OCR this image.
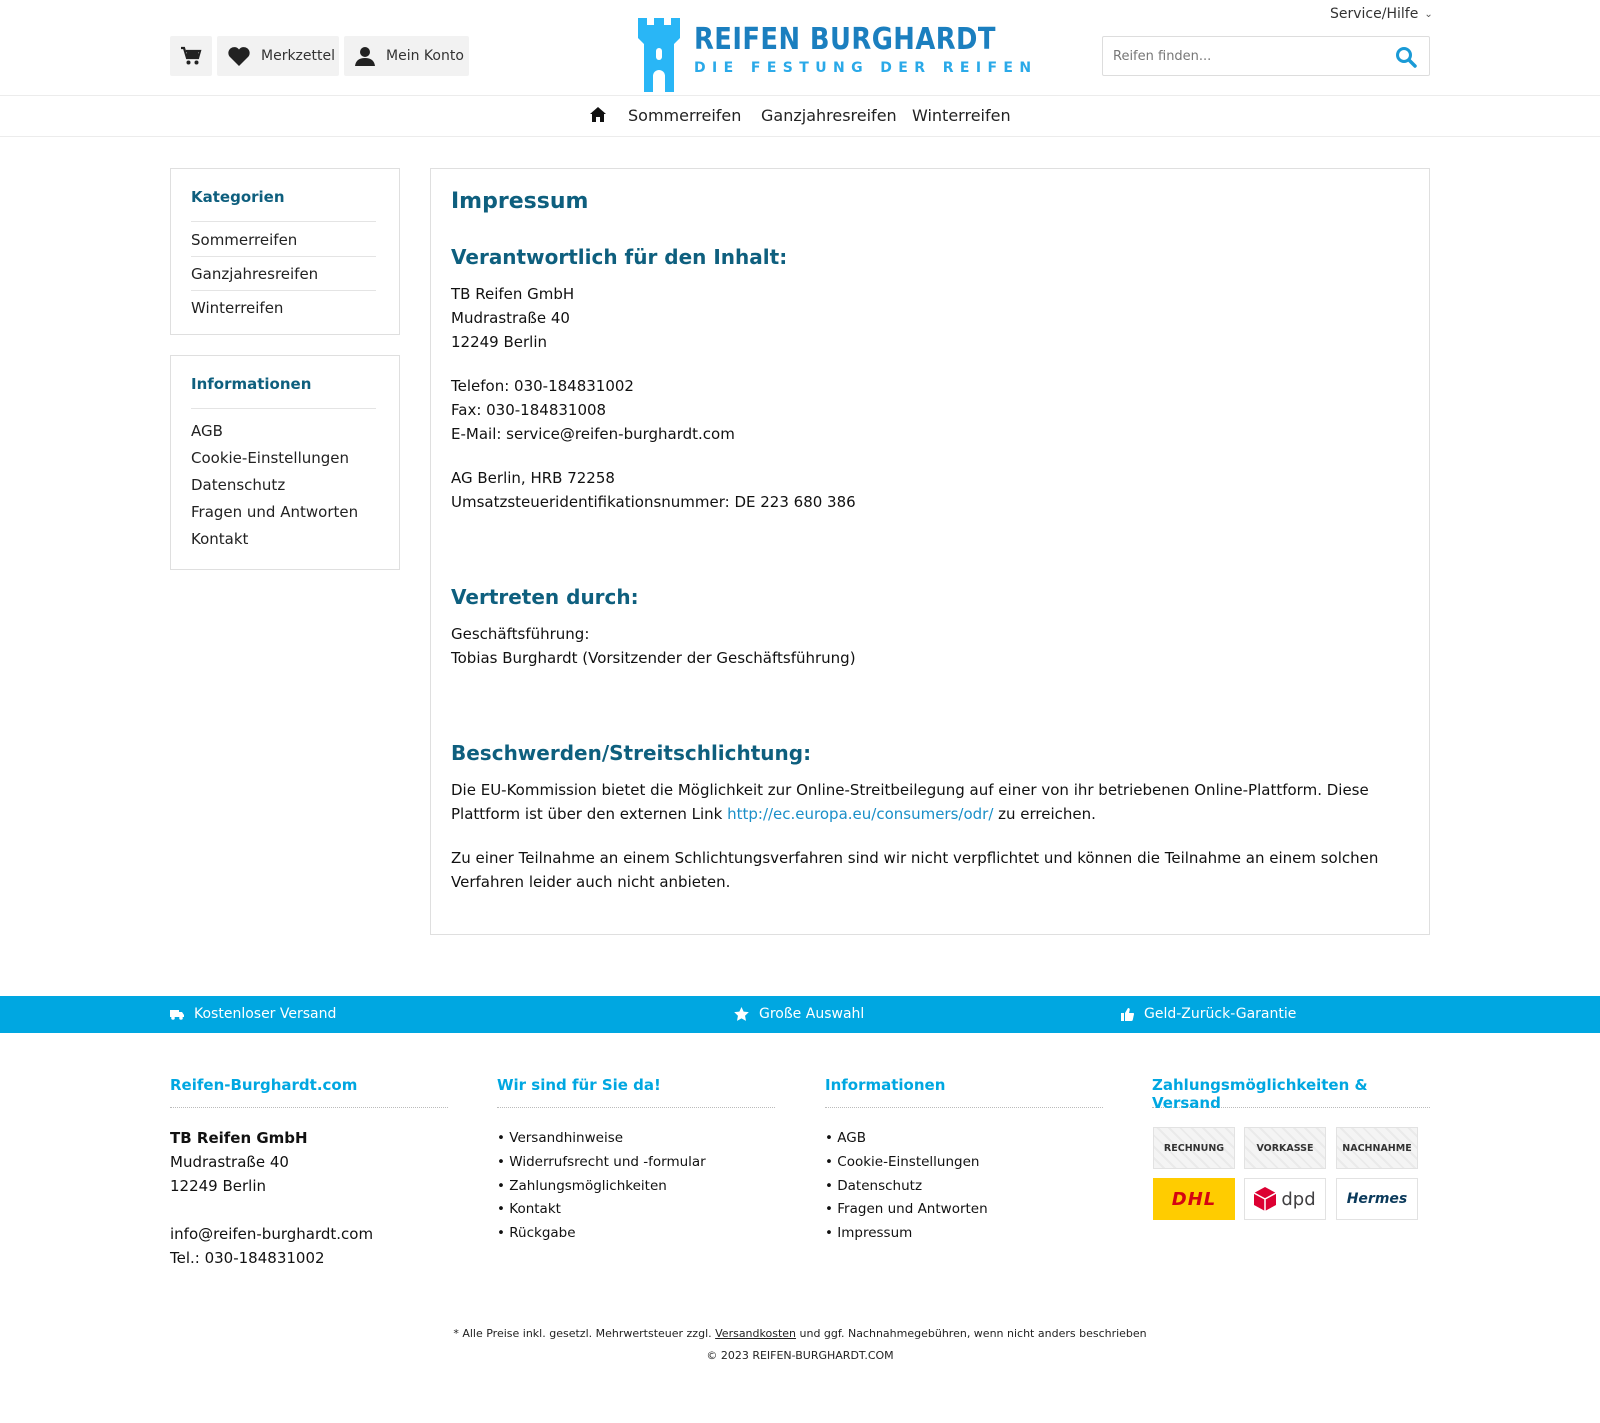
Service/Hilfe ⌄
Merkzettel	Mein Konto	REIFEN BURGHARDT
DIE FESTUNG DER REIFEN
Reifen finden...
Sommerreifen Ganzjahresreifen Winterreifen
Kategorien
Sommerreifen
Ganzjahresreifen
Winterreifen
Informationen
AGB
Cookie-Einstellungen
Datenschutz
Fragen und Antworten
Kontakt
Impressum
Verantwortlich für den Inhalt:
TB Reifen GmbH
Mudrastraße 40
12249 Berlin
Telefon: 030-184831002
Fax: 030-184831008
E-Mail: service@reifen-burghardt.com
AG Berlin, HRB 72258
Umsatzsteueridentifikationsnummer: DE 223 680 386
Vertreten durch:
Geschäftsführung:
Tobias Burghardt (Vorsitzender der Geschäftsführung)
Beschwerden/Streitschlichtung:
Die EU-Kommission bietet die Möglichkeit zur Online-Streitbeilegung auf einer von ihr betriebenen Online-Plattform. Diese
Plattform ist über den externen Link http://ec.europa.eu/consumers/odr/ zu erreichen.
Zu einer Teilnahme an einem Schlichtungsverfahren sind wir nicht verpflichtet und können die Teilnahme an einem solchen
Verfahren leider auch nicht anbieten.
Kostenloser Versand	Große Auswahl	Geld-Zurück-Garantie
Reifen-Burghardt.com
TB Reifen GmbH
Mudrastraße 40
12249 Berlin
info@reifen-burghardt.com
Tel.: 030-184831002
Wir sind für Sie da!
• Versandhinweise
• Widerrufsrecht und -formular
• Zahlungsmöglichkeiten
• Kontakt
• Rückgabe
Informationen
• AGB
• Cookie-Einstellungen
• Datenschutz
• Fragen und Antworten
• Impressum
Zahlungsmöglichkeiten & Versand
RECHNUNG	VORKASSE	NACHNAHME
DHL	dpd Hermes
* Alle Preise inkl. gesetzl. Mehrwertsteuer zzgl. Versandkosten und ggf. Nachnahmegebühren, wenn nicht anders beschrieben
© 2023 REIFEN-BURGHARDT.COM
